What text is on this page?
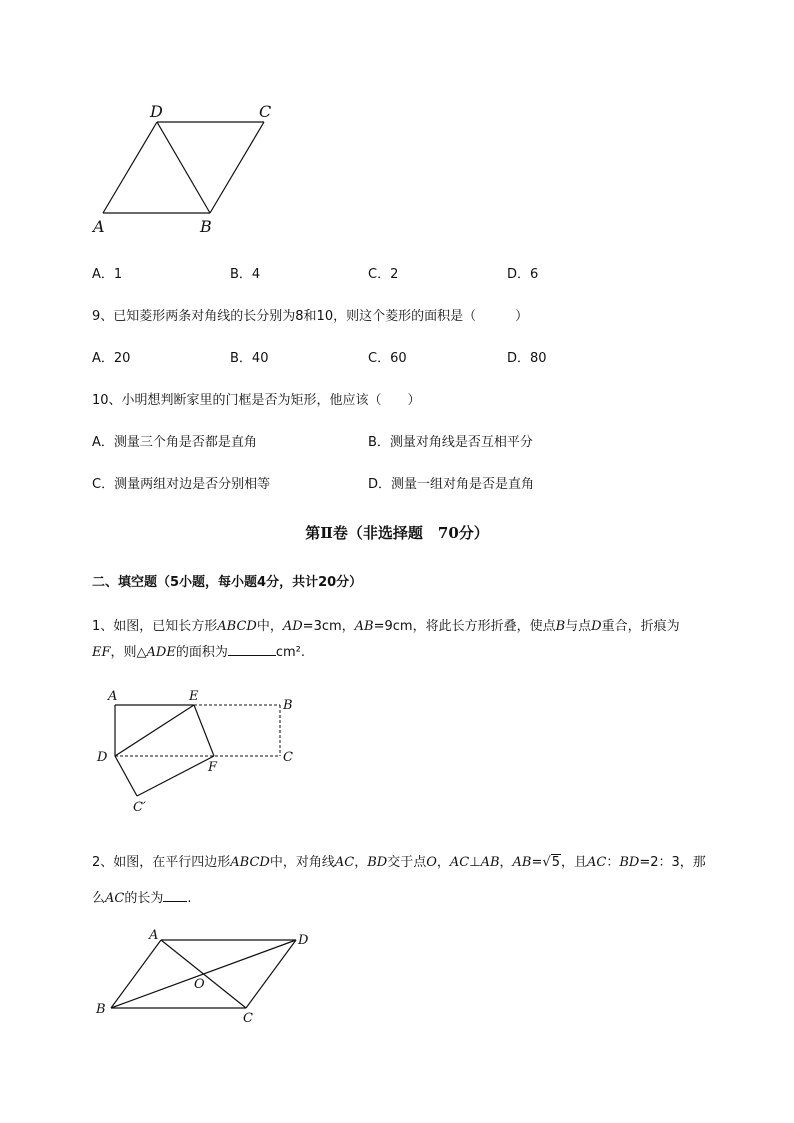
D	C
A	B
A．1	B．4	C．2	D．6
9、已知菱形两条对角线的长分别为8和10，则这个菱形的面积是（　　　）
A．20	B．40	C．60	D．80
10、小明想判断家里的门框是否为矩形，他应该（　　）
A．测量三个角是否都是直角	B．测量对角线是否互相平分
C．测量两组对边是否分别相等	D．测量一组对角是否是直角
第Ⅱ卷（非选择题　70分）
二、填空题（5小题，每小题4分，共计20分）
1、如图，已知长方形ABCD中，AD=3cm，AB=9cm，将此长方形折叠，使点B与点D重合，折痕为
EF，则△ADE的面积为	cm².
A	E
B
D
F
C
C′
2、如图，在平行四边形ABCD中，对角线AC，BD交于点O，AC⊥AB，AB=√5，且AC：BD=2：3，那
么AC的长为 .
A	D
O
B
C
